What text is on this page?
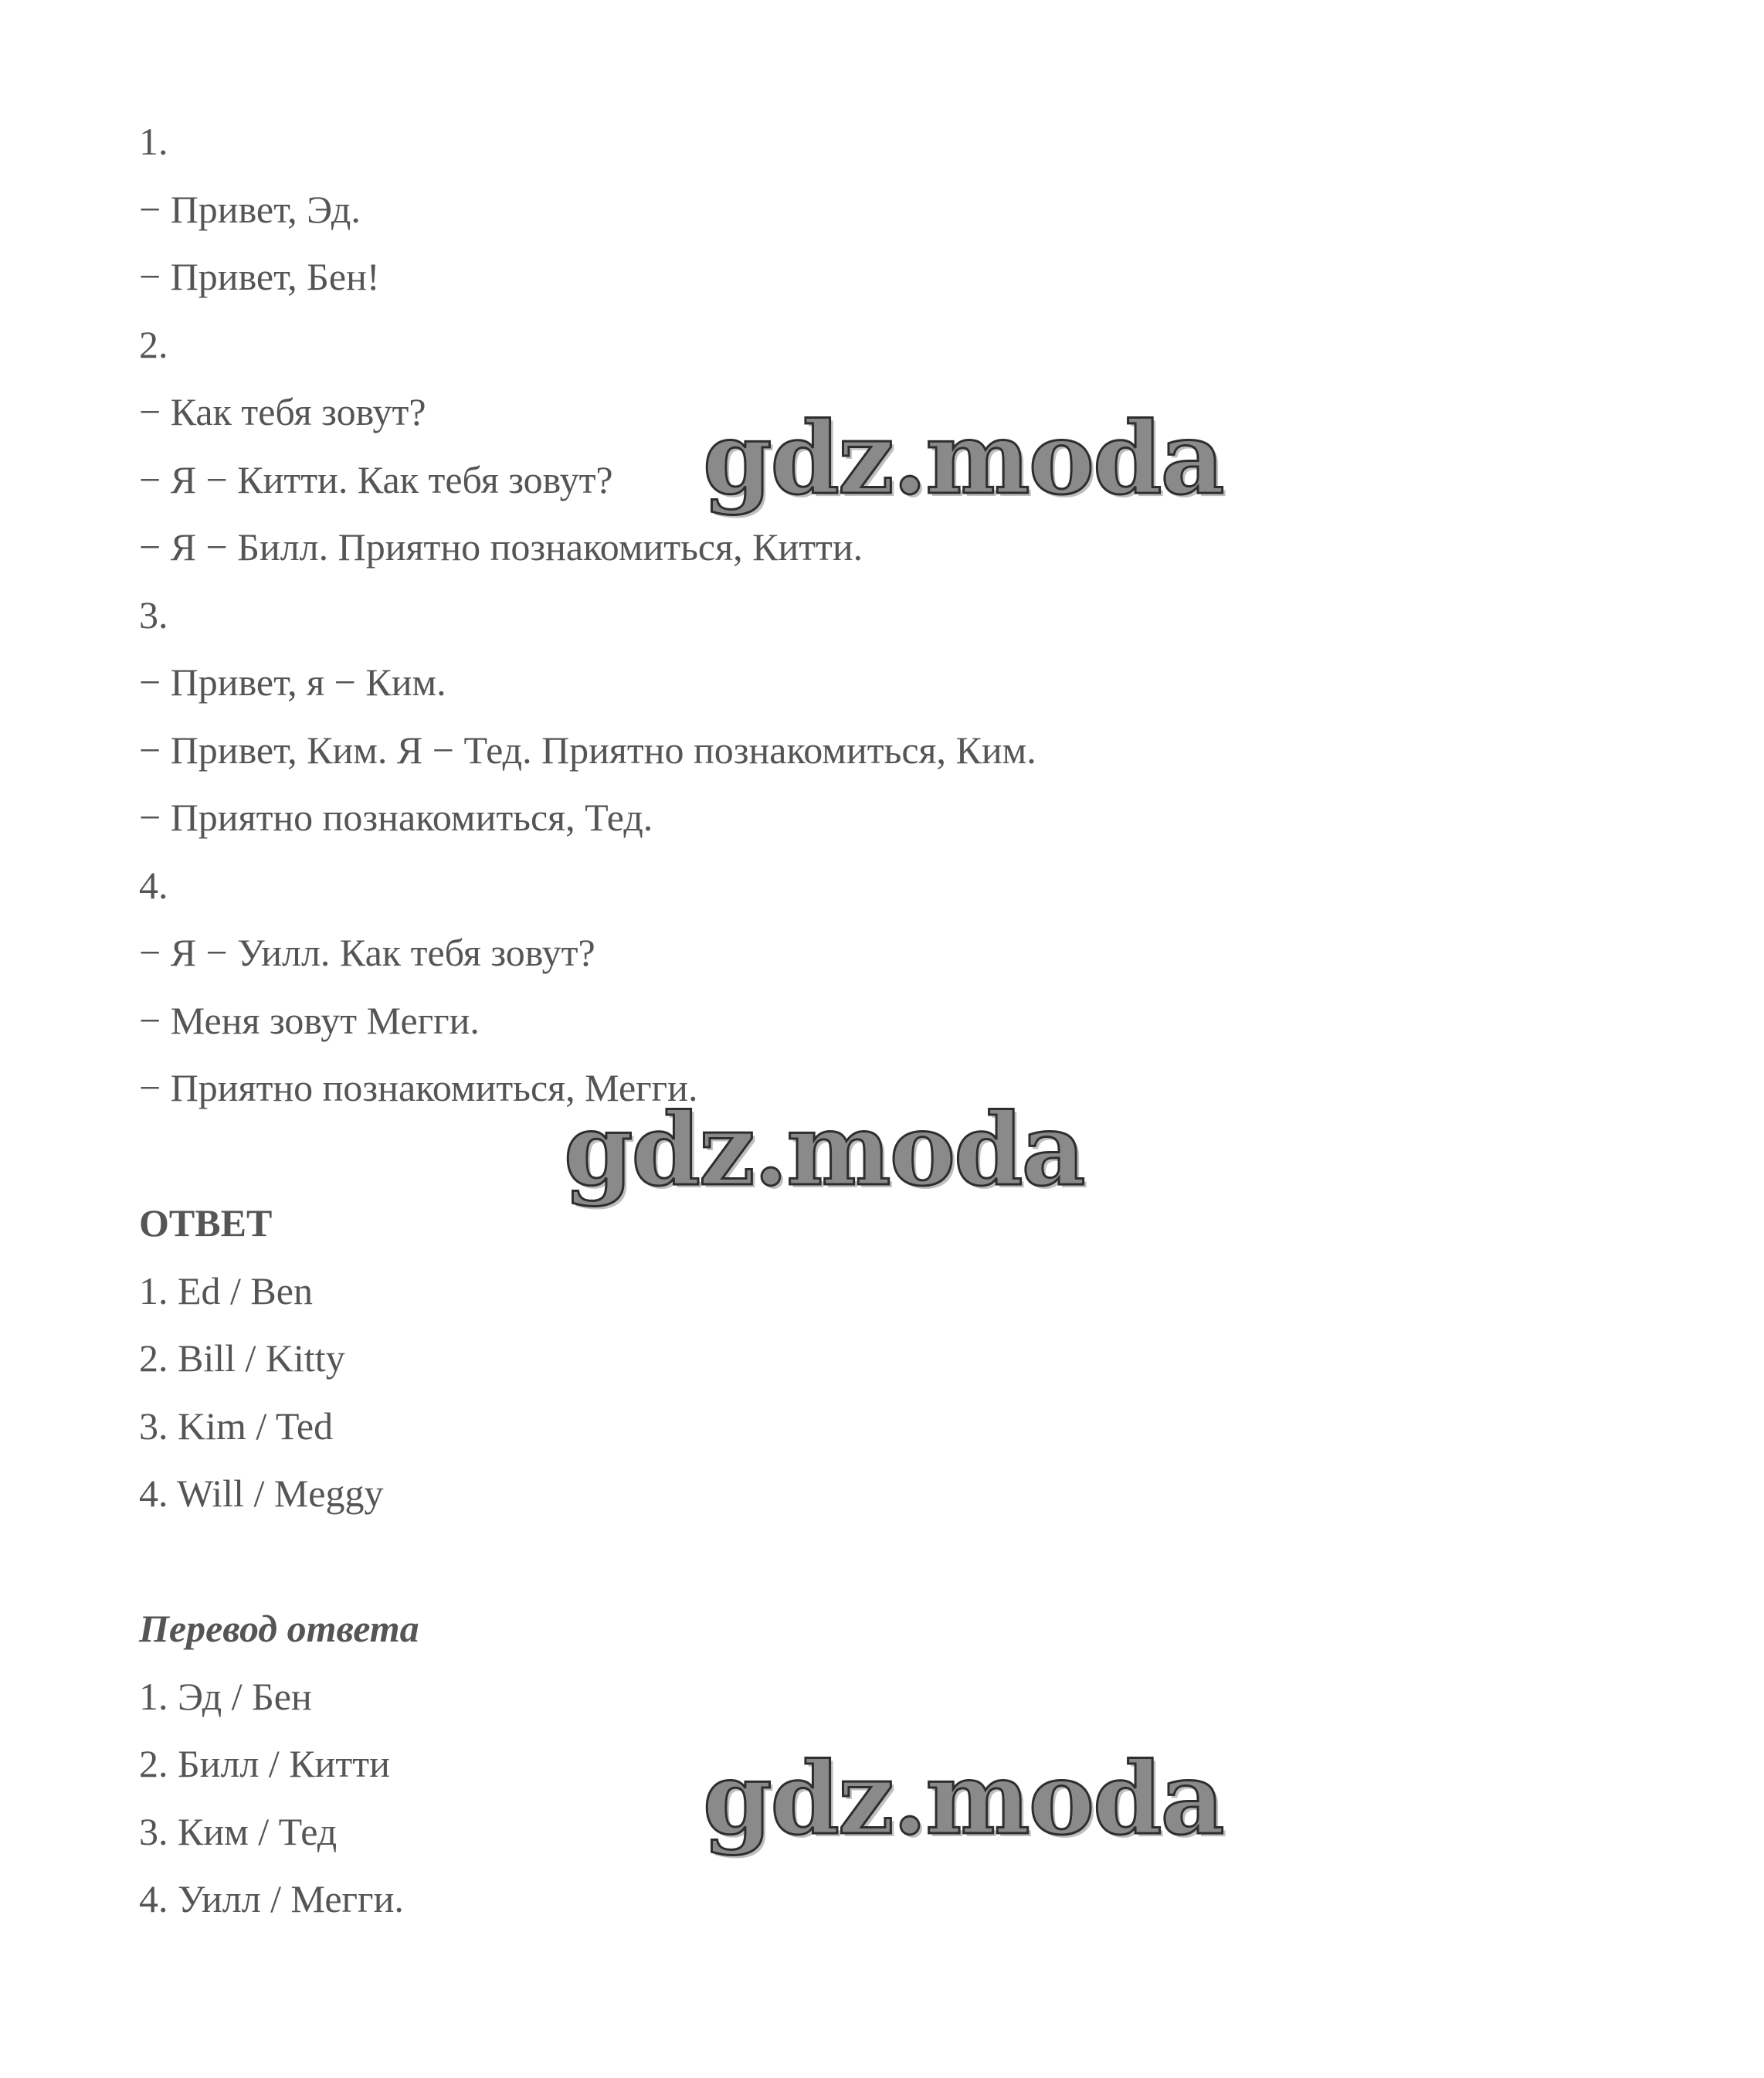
1.
− Привет, Эд.
− Привет, Бен!
2.
− Как тебя зовут?
− Я − Китти. Как тебя зовут?
− Я − Билл. Приятно познакомиться, Китти.
3.
− Привет, я − Ким.
− Привет, Ким. Я − Тед. Приятно познакомиться, Ким.
− Приятно познакомиться, Тед.
4.
− Я − Уилл. Как тебя зовут?
− Меня зовут Мегги.
− Приятно познакомиться, Мегги.
ОТВЕТ
1. Ed / Ben
2. Bill / Kitty
3. Kim / Ted
4. Will / Meggy
Перевод ответа
1. Эд / Бен
2. Билл / Китти
3. Ким / Тед
4. Уилл / Мегги.
gdz.moda
gdz.moda
gdz.moda
